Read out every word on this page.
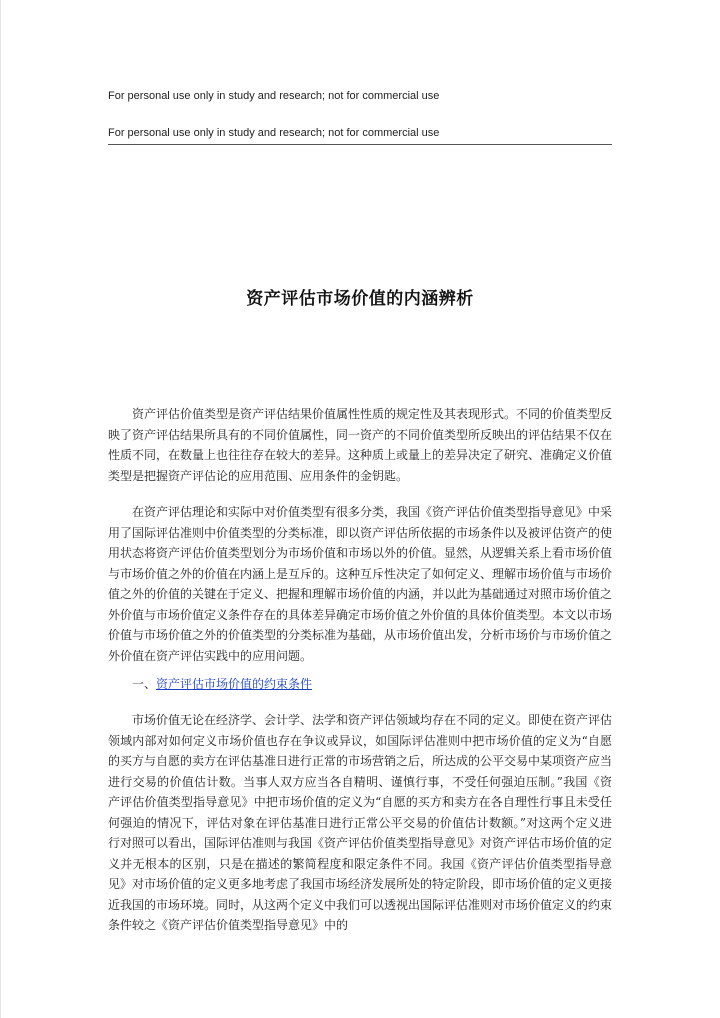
For personal use only in study and research; not for commercial use
For personal use only in study and research; not for commercial use
资产评估市场价值的内涵辨析

资产评估价值类型是资产评估结果价值属性性质的规定性及其表现形式。不同的价值类型反映了资产评估结果所具有的不同价值属性，同一资产的不同价值类型所反映出的评估结果不仅在性质不同，在数量上也往往存在较大的差异。这种质上或量上的差异决定了研究、准确定义价值类型是把握资产评估论的应用范围、应用条件的金钥匙。

在资产评估理论和实际中对价值类型有很多分类，我国《资产评估价值类型指导意见》中采用了国际评估准则中价值类型的分类标准，即以资产评估所依据的市场条件以及被评估资产的使用状态将资产评估价值类型划分为市场价值和市场以外的价值。显然，从逻辑关系上看市场价值与市场价值之外的价值在内涵上是互斥的。这种互斥性决定了如何定义、理解市场价值与市场价值之外的价值的关键在于定义、把握和理解市场价值的内涵，并以此为基础通过对照市场价值之外价值与市场价值定义条件存在的具体差异确定市场价值之外价值的具体价值类型。本文以市场价值与市场价值之外的价值类型的分类标准为基础，从市场价值出发，分析市场价与市场价值之外价值在资产评估实践中的应用问题。

一、资产评估市场价值的约束条件

市场价值无论在经济学、会计学、法学和资产评估领域均存在不同的定义。即使在资产评估领域内部对如何定义市场价值也存在争议或异议，如国际评估准则中把市场价值的定义为“自愿的买方与自愿的卖方在评估基准日进行正常的市场营销之后，所达成的公平交易中某项资产应当进行交易的价值估计数。当事人双方应当各自精明、谨慎行事，不受任何强迫压制。”我国《资产评估价值类型指导意见》中把市场价值的定义为“自愿的买方和卖方在各自理性行事且未受任何强迫的情况下，评估对象在评估基准日进行正常公平交易的价值估计数额。”对这两个定义进行对照可以看出，国际评估准则与我国《资产评估价值类型指导意见》对资产评估市场价值的定义并无根本的区别，只是在描述的繁简程度和限定条件不同。我国《资产评估价值类型指导意见》对市场价值的定义更多地考虑了我国市场经济发展所处的特定阶段，即市场价值的定义更接近我国的市场环境。同时，从这两个定义中我们可以透视出国际评估准则对市场价值定义的约束条件较之《资产评估价值类型指导意见》中的
